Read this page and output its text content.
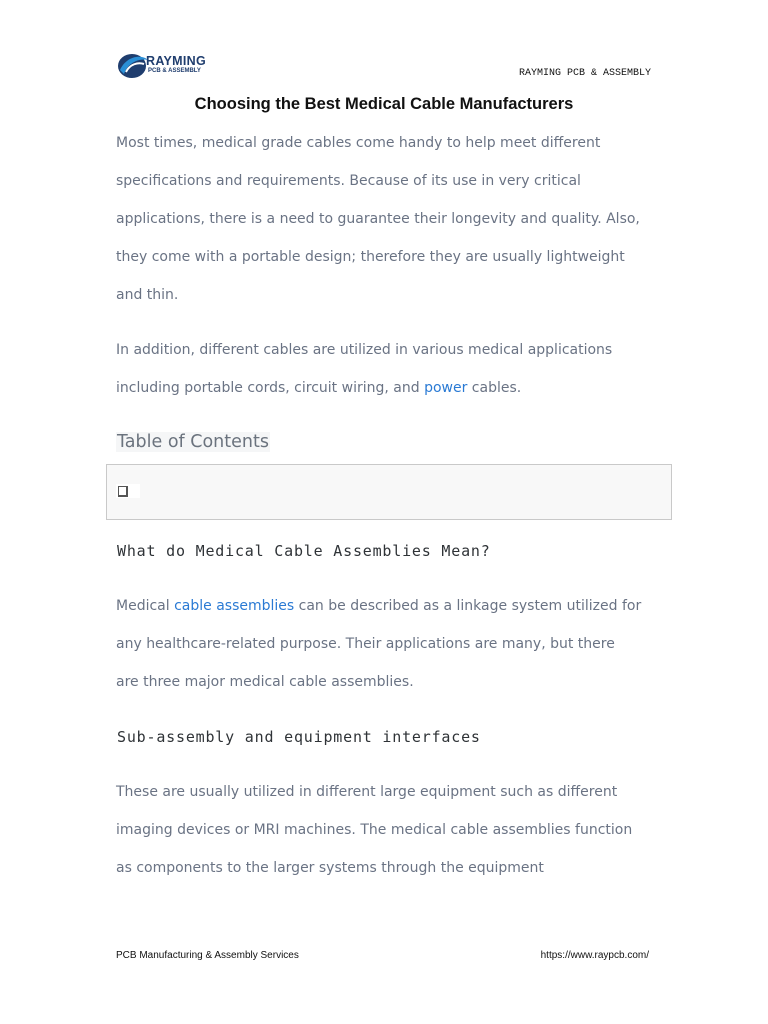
RAYMING
PCB & ASSEMBLY	RAYMING PCB & ASSEMBLY
Choosing the Best Medical Cable Manufacturers
Most times, medical grade cables come handy to help meet different
specifications and requirements. Because of its use in very critical
applications, there is a need to guarantee their longevity and quality. Also,
they come with a portable design; therefore they are usually lightweight
and thin.
In addition, different cables are utilized in various medical applications
including portable cords, circuit wiring, and power cables.
Table of Contents
What do Medical Cable Assemblies Mean?
Medical cable assemblies can be described as a linkage system utilized for
any healthcare-related purpose. Their applications are many, but there
are three major medical cable assemblies.
Sub-assembly and equipment interfaces
These are usually utilized in different large equipment such as different
imaging devices or MRI machines. The medical cable assemblies function
as components to the larger systems through the equipment
PCB Manufacturing & Assembly Services	https://www.raypcb.com/
